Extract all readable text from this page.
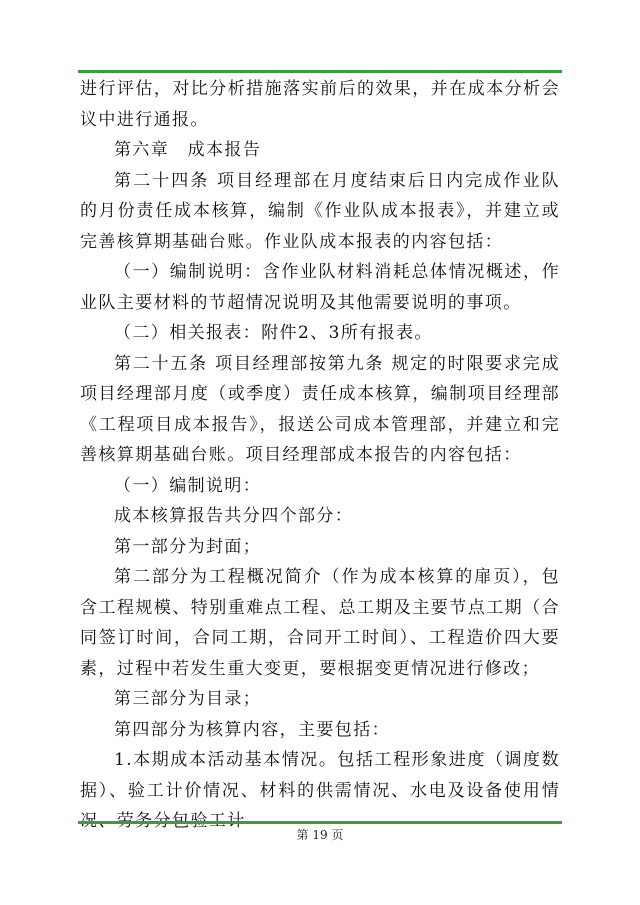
进行评估，对比分析措施落实前后的效果，并在成本分析会议中进行通报。

第六章　成本报告

第二十四条 项目经理部在月度结束后日内完成作业队的月份责任成本核算，编制《作业队成本报表》，并建立或完善核算期基础台账。作业队成本报表的内容包括：

（一）编制说明：含作业队材料消耗总体情况概述，作业队主要材料的节超情况说明及其他需要说明的事项。

（二）相关报表：附件2、3所有报表。

第二十五条 项目经理部按第九条 规定的时限要求完成项目经理部月度（或季度）责任成本核算，编制项目经理部《工程项目成本报告》，报送公司成本管理部，并建立和完善核算期基础台账。项目经理部成本报告的内容包括：

（一）编制说明：

成本核算报告共分四个部分：

第一部分为封面；

第二部分为工程概况简介（作为成本核算的扉页），包含工程规模、特别重难点工程、总工期及主要节点工期（合同签订时间，合同工期，合同开工时间）、工程造价四大要素，过程中若发生重大变更，要根据变更情况进行修改；

第三部分为目录；

第四部分为核算内容，主要包括：

1.本期成本活动基本情况。包括工程形象进度（调度数据）、验工计价情况、材料的供需情况、水电及设备使用情

第 19 页
